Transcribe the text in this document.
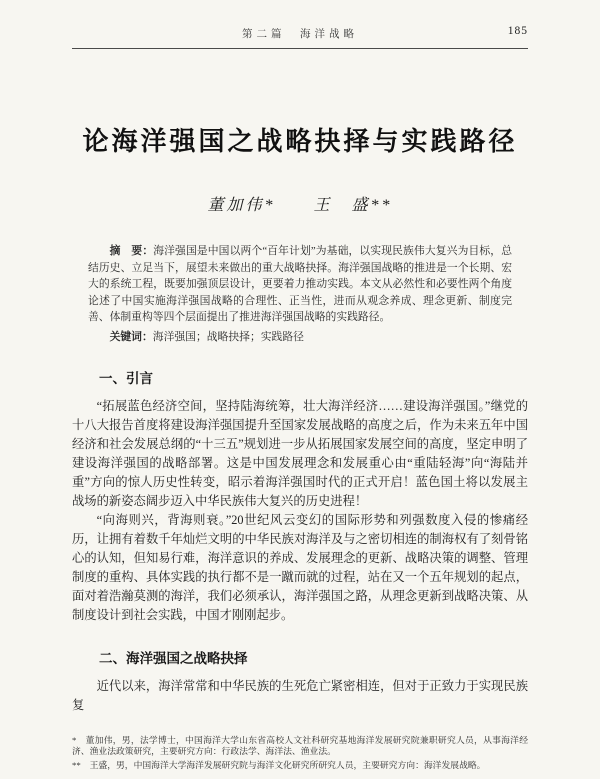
第二篇　海洋战略	185
论海洋强国之战略抉择与实践路径
董加伟*　　王　盛**

摘　要：海洋强国是中国以两个“百年计划”为基础，以实现民族伟大复兴为目标，总结历史、立足当下，展望未来做出的重大战略抉择。海洋强国战略的推进是一个长期、宏大的系统工程，既要加强顶层设计，更要着力推动实践。本文从必然性和必要性两个角度论述了中国实施海洋强国战略的合理性、正当性，进而从观念养成、理念更新、制度完善、体制重构等四个层面提出了推进海洋强国战略的实践路径。

关键词：海洋强国；战略抉择；实践路径

一、引言

“拓展蓝色经济空间，坚持陆海统筹，壮大海洋经济……建设海洋强国。”继党的十八大报告首度将建设海洋强国提升至国家发展战略的高度之后，作为未来五年中国经济和社会发展总纲的“十三五”规划进一步从拓展国家发展空间的高度，坚定申明了建设海洋强国的战略部署。这是中国发展理念和发展重心由“重陆轻海”向“海陆并重”方向的惊人历史性转变，昭示着海洋强国时代的正式开启！蓝色国土将以发展主战场的新姿态阔步迈入中华民族伟大复兴的历史进程！

“向海则兴，背海则衰。”20世纪风云变幻的国际形势和列强数度入侵的惨痛经历，让拥有着数千年灿烂文明的中华民族对海洋及与之密切相连的制海权有了刻骨铭心的认知，但知易行难，海洋意识的养成、发展理念的更新、战略决策的调整、管理制度的重构、具体实践的执行都不是一蹴而就的过程，站在又一个五年规划的起点，面对着浩瀚莫测的海洋，我们必须承认，海洋强国之路，从理念更新到战略决策、从制度设计到社会实践，中国才刚刚起步。

二、海洋强国之战略抉择

近代以来，海洋常常和中华民族的生死危亡紧密相连，但对于正致力于实现民族复

*　董加伟，男，法学博士，中国海洋大学山东省高校人文社科研究基地海洋发展研究院兼职研究人员，从事海洋经济、渔业法政策研究，主要研究方向：行政法学、海洋法、渔业法。

**　王盛，男，中国海洋大学海洋发展研究院与海洋文化研究所研究人员，主要研究方向：海洋发展战略。
